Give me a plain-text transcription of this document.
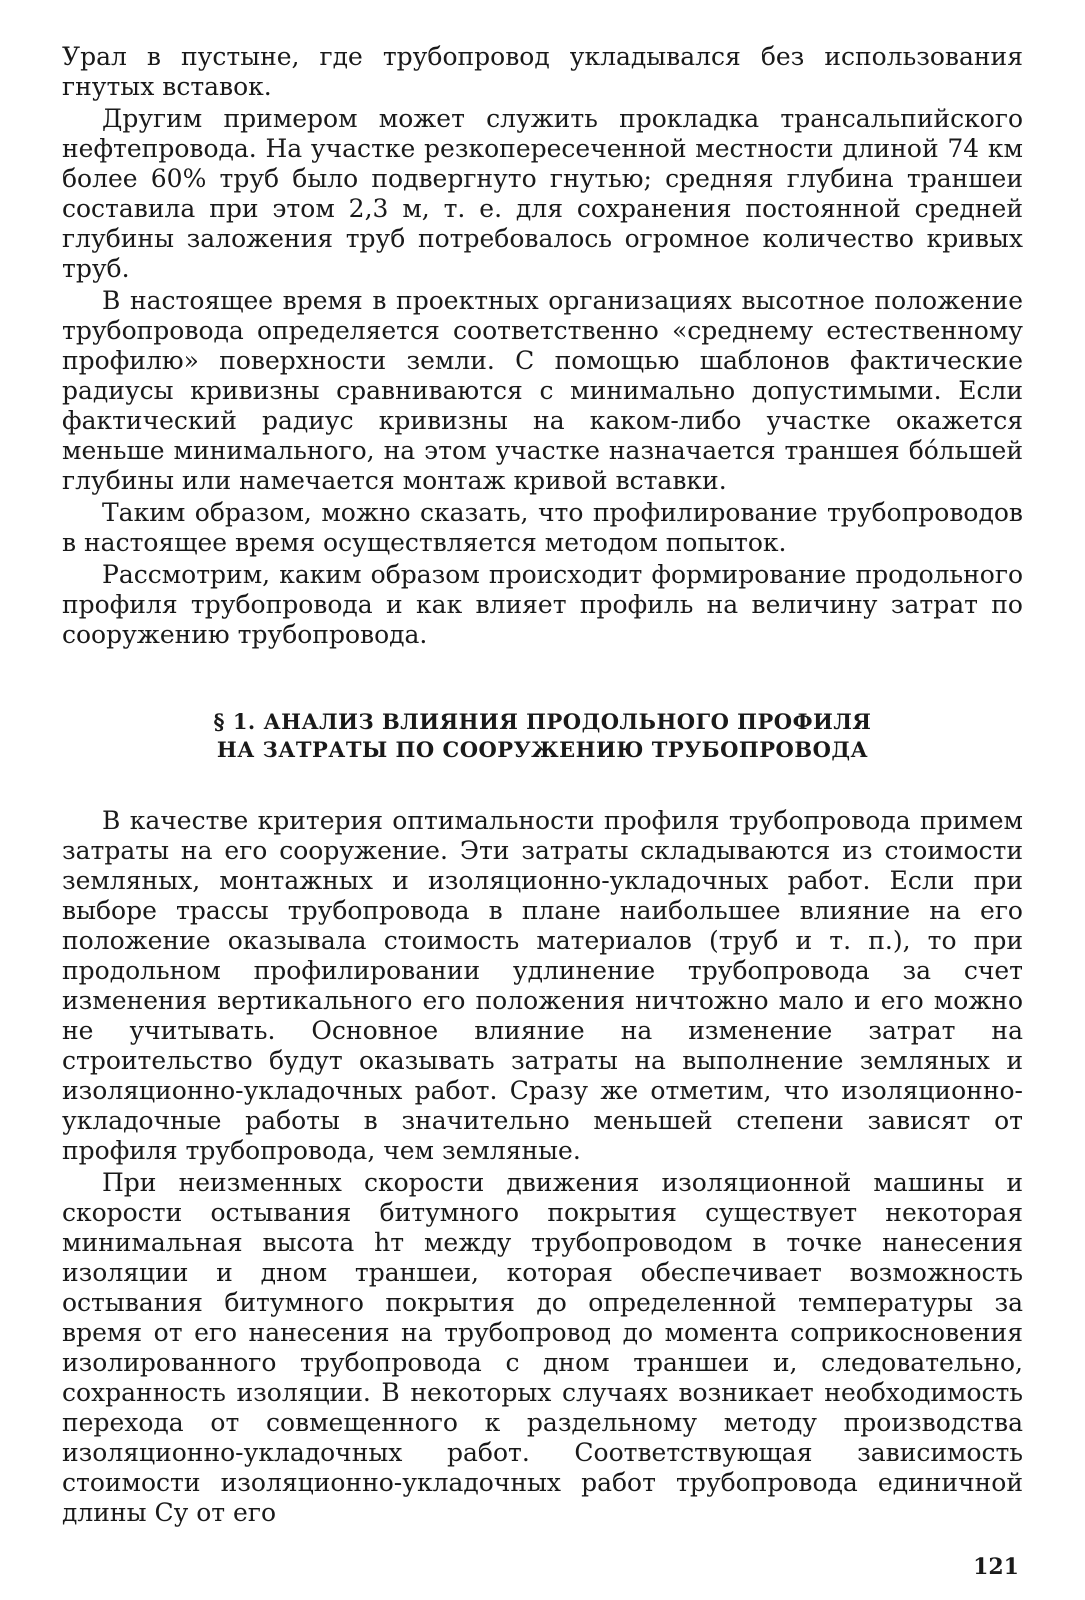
Урал в пустыне, где трубопровод укладывался без использования гнутых вставок.

Другим примером может служить прокладка трансальпийского нефтепровода. На участке резкопересеченной местности длиной 74 км более 60% труб было подвергнуто гнутью; средняя глубина траншеи составила при этом 2,3 м, т. е. для сохранения постоянной средней глубины заложения труб потребовалось огромное количество кривых труб.

В настоящее время в проектных организациях высотное положение трубопровода определяется соответственно «среднему естественному профилю» поверхности земли. С помощью шаблонов фактические радиусы кривизны сравниваются с минимально допустимыми. Если фактический радиус кривизны на каком-либо участке окажется меньше минимального, на этом участке назначается траншея бо́льшей глубины или намечается монтаж кривой вставки.

Таким образом, можно сказать, что профилирование трубопроводов в настоящее время осуществляется методом попыток.

Рассмотрим, каким образом происходит формирование продольного профиля трубопровода и как влияет профиль на величину затрат по сооружению трубопровода.

§ 1. АНАЛИЗ ВЛИЯНИЯ ПРОДОЛЬНОГО ПРОФИЛЯ
НА ЗАТРАТЫ ПО СООРУЖЕНИЮ ТРУБОПРОВОДА

В качестве критерия оптимальности профиля трубопровода примем затраты на его сооружение. Эти затраты складываются из стоимости земляных, монтажных и изоляционно-укладочных работ. Если при выборе трассы трубопровода в плане наибольшее влияние на его положение оказывала стоимость материалов (труб и т. п.), то при продольном профилировании удлинение трубопровода за счет изменения вертикального его положения ничтожно мало и его можно не учитывать. Основное влияние на изменение затрат на строительство будут оказывать затраты на выполнение земляных и изоляционно-укладочных работ. Сразу же отметим, что изоляционно-укладочные работы в значительно меньшей степени зависят от профиля трубопровода, чем земляные.

При неизменных скорости движения изоляционной машины и скорости остывания битумного покрытия существует некоторая минимальная высота hт между трубопроводом в точке нанесения изоляции и дном траншеи, которая обеспечивает возможность остывания битумного покрытия до определенной температуры за время от его нанесения на трубопровод до момента соприкосновения изолированного трубопровода с дном траншеи и, следовательно, сохранность изоляции. В некоторых случаях возникает необходимость перехода от совмещенного к раздельному методу производства изоляционно-укладочных работ. Соответствующая зависимость стоимости изоляционно-укладочных работ трубопровода единичной длины Cу от его

121
